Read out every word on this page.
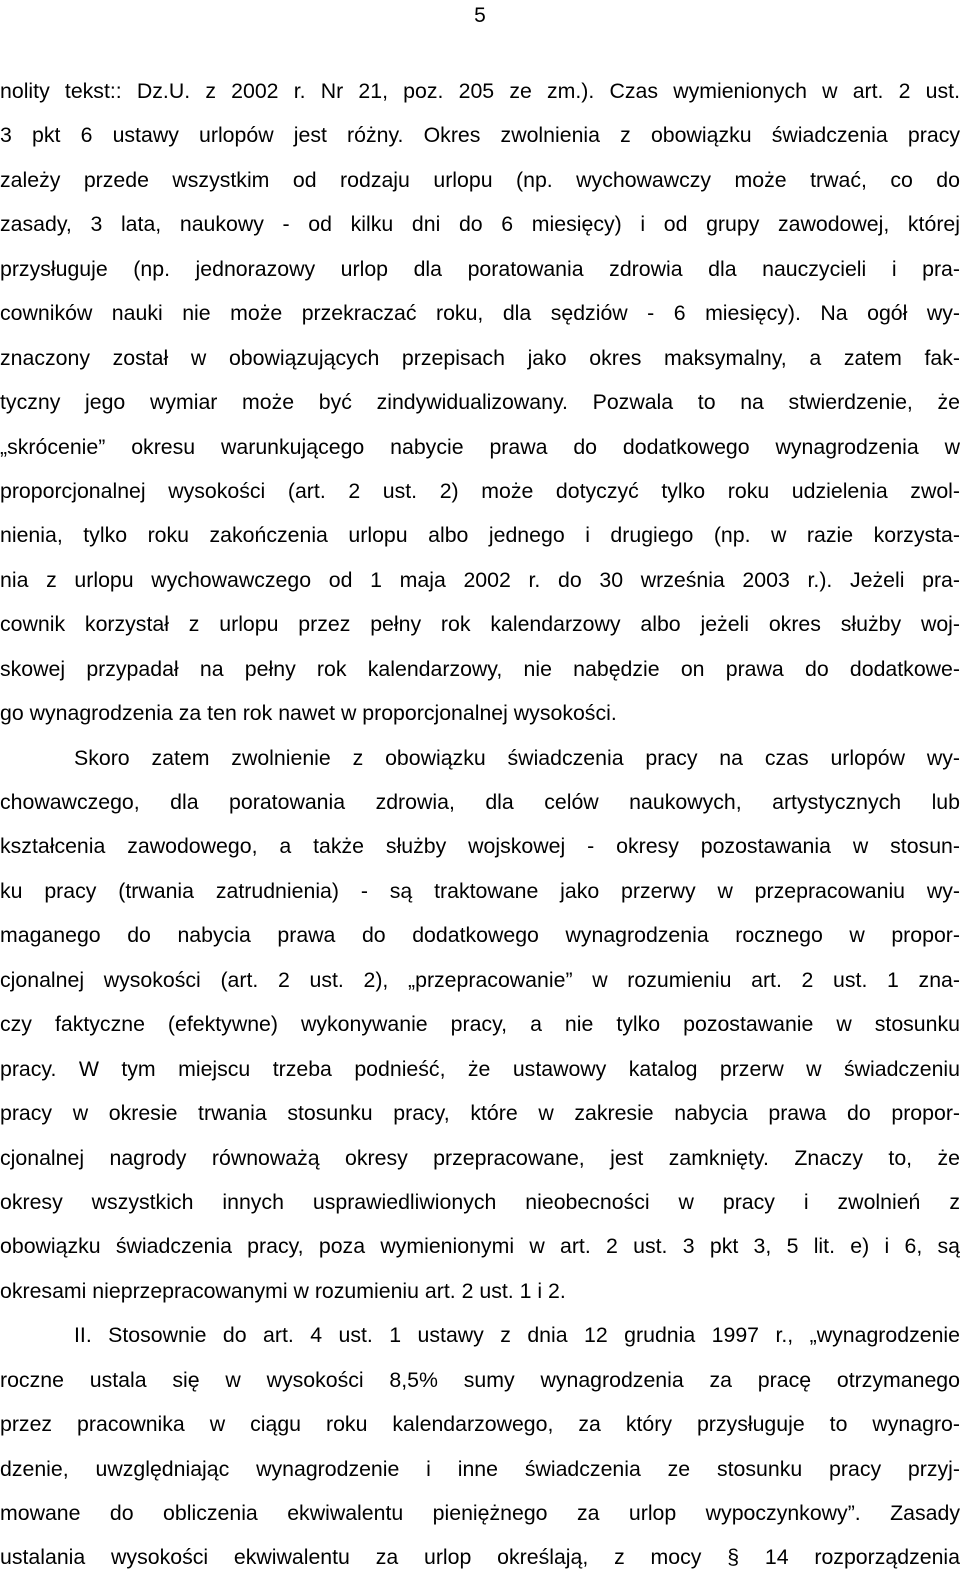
5
nolity tekst:: Dz.U. z 2002 r. Nr 21, poz. 205 ze zm.). Czas wymienionych w art. 2 ust.
3 pkt 6 ustawy urlopów jest różny. Okres zwolnienia z obowiązku świadczenia pracy
zależy przede wszystkim od rodzaju urlopu (np. wychowawczy może trwać, co do
zasady, 3 lata, naukowy - od kilku dni do 6 miesięcy) i od grupy zawodowej, której
przysługuje (np. jednorazowy urlop dla poratowania zdrowia dla nauczycieli i pra-
cowników nauki nie może przekraczać roku, dla sędziów - 6 miesięcy). Na ogół wy-
znaczony został w obowiązujących przepisach jako okres maksymalny, a zatem fak-
tyczny jego wymiar może być zindywidualizowany. Pozwala to na stwierdzenie, że
„skrócenie” okresu warunkującego nabycie prawa do dodatkowego wynagrodzenia w
proporcjonalnej wysokości (art. 2 ust. 2) może dotyczyć tylko roku udzielenia zwol-
nienia, tylko roku zakończenia urlopu albo jednego i drugiego (np. w razie korzysta-
nia z urlopu wychowawczego od 1 maja 2002 r. do 30 września 2003 r.). Jeżeli pra-
cownik korzystał z urlopu przez pełny rok kalendarzowy albo jeżeli okres służby woj-
skowej przypadał na pełny rok kalendarzowy, nie nabędzie on prawa do dodatkowe-
go wynagrodzenia za ten rok nawet w proporcjonalnej wysokości.
Skoro zatem zwolnienie z obowiązku świadczenia pracy na czas urlopów wy-
chowawczego, dla poratowania zdrowia, dla celów naukowych, artystycznych lub
kształcenia zawodowego, a także służby wojskowej - okresy pozostawania w stosun-
ku pracy (trwania zatrudnienia) - są traktowane jako przerwy w przepracowaniu wy-
maganego do nabycia prawa do dodatkowego wynagrodzenia rocznego w propor-
cjonalnej wysokości (art. 2 ust. 2), „przepracowanie” w rozumieniu art. 2 ust. 1 zna-
czy faktyczne (efektywne) wykonywanie pracy, a nie tylko pozostawanie w stosunku
pracy. W tym miejscu trzeba podnieść, że ustawowy katalog przerw w świadczeniu
pracy w okresie trwania stosunku pracy, które w zakresie nabycia prawa do propor-
cjonalnej nagrody równoważą okresy przepracowane, jest zamknięty. Znaczy to, że
okresy wszystkich innych usprawiedliwionych nieobecności w pracy i zwolnień z
obowiązku świadczenia pracy, poza wymienionymi w art. 2 ust. 3 pkt 3, 5 lit. e) i 6, są
okresami nieprzepracowanymi w rozumieniu art. 2 ust. 1 i 2.
II. Stosownie do art. 4 ust. 1 ustawy z dnia 12 grudnia 1997 r., „wynagrodzenie
roczne ustala się w wysokości 8,5% sumy wynagrodzenia za pracę otrzymanego
przez pracownika w ciągu roku kalendarzowego, za który przysługuje to wynagro-
dzenie, uwzględniając wynagrodzenie i inne świadczenia ze stosunku pracy przyj-
mowane do obliczenia ekwiwalentu pieniężnego za urlop wypoczynkowy”. Zasady
ustalania wysokości ekwiwalentu za urlop określają, z mocy § 14 rozporządzenia
